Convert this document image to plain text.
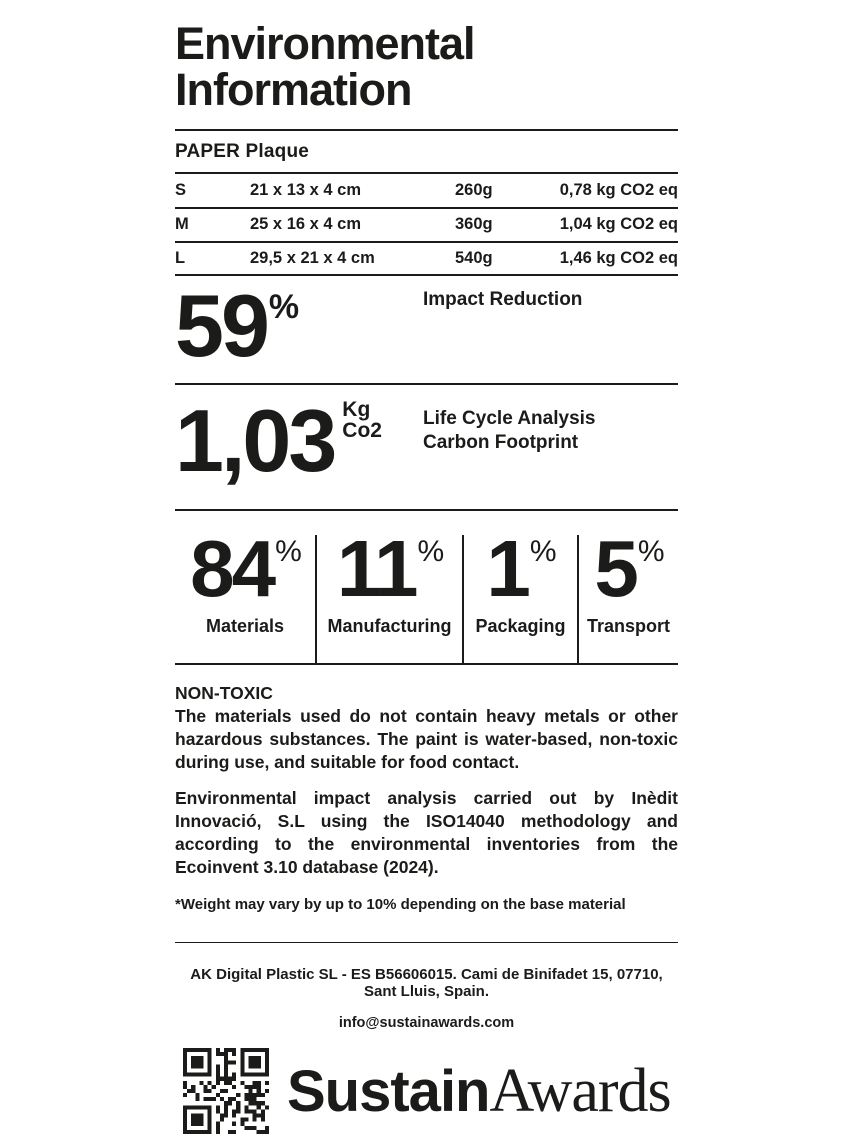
Environmental
Information
PAPER Plaque
S	21 x 13 x 4 cm	260g	0,78 kg CO2 eq
M	25 x 16 x 4 cm	360g	1,04 kg CO2 eq
L	29,5 x 21 x 4 cm	540g	1,46 kg CO2 eq
59%	Impact Reduction
1,03 Kg
Co2
Life Cycle Analysis
Carbon Footprint
84%
Materials
11%
Manufacturing
1%
Packaging
5%
Transport
NON-TOXIC

The materials used do not contain heavy metals or other hazardous substances. The paint is water-based, non-toxic during use, and suitable for food contact.

Environmental impact analysis carried out by Inèdit Innovació, S.L using the ISO14040 methodology and according to the environmental inventories from the Ecoinvent 3.10 database (2024).

*Weight may vary by up to 10% depending on the base material
AK Digital Plastic SL - ES B56606015. Cami de Binifadet 15, 07710, Sant Lluis, Spain.
info@sustainawards.com
SustainAwards
